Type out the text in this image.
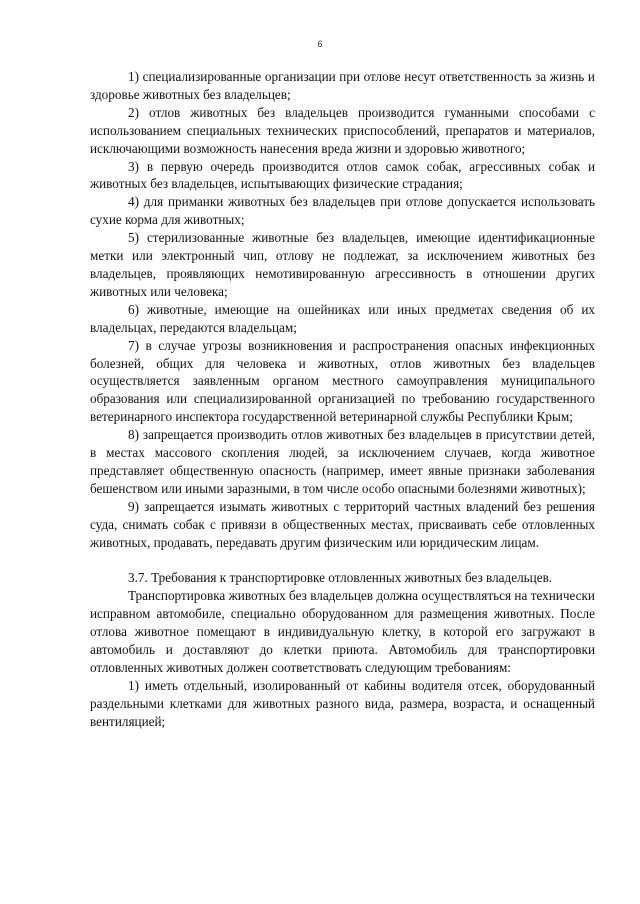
6

1) специализированные организации при отлове несут ответственность за жизнь и здоровье животных без владельцев;

2) отлов животных без владельцев производится гуманными способами с использованием специальных технических приспособлений, препаратов и материалов, исключающими возможность нанесения вреда жизни и здоровью животного;

3) в первую очередь производится отлов самок собак, агрессивных собак и животных без владельцев, испытывающих физические страдания;

4) для приманки животных без владельцев при отлове допускается использовать сухие корма для животных;

5) стерилизованные животные без владельцев, имеющие идентификационные метки или электронный чип, отлову не подлежат, за исключением животных без владельцев, проявляющих немотивированную агрессивность в отношении других животных или человека;

6) животные, имеющие на ошейниках или иных предметах сведения об их владельцах, передаются владельцам;

7) в случае угрозы возникновения и распространения опасных инфекционных болезней, общих для человека и животных, отлов животных без владельцев осуществляется заявленным органом местного самоуправления муниципального образования или специализированной организацией по требованию государственного ветеринарного инспектора государственной ветеринарной службы Республики Крым;

8) запрещается производить отлов животных без владельцев в присутствии детей, в местах массового скопления людей, за исключением случаев, когда животное представляет общественную опасность (например, имеет явные признаки заболевания бешенством или иными заразными, в том числе особо опасными болезнями животных);

9) запрещается изымать животных с территорий частных владений без решения суда, снимать собак с привязи в общественных местах, присваивать себе отловленных животных, продавать, передавать другим физическим или юридическим лицам.

3.7. Требования к транспортировке отловленных животных без владельцев.

Транспортировка животных без владельцев должна осуществляться на технически исправном автомобиле, специально оборудованном для размещения животных. После отлова животное помещают в индивидуальную клетку, в которой его загружают в автомобиль и доставляют до клетки приюта. Автомобиль для транспортировки отловленных животных должен соответствовать следующим требованиям:

1) иметь отдельный, изолированный от кабины водителя отсек, оборудованный раздельными клетками для животных разного вида, размера, возраста, и оснащенный вентиляцией;
